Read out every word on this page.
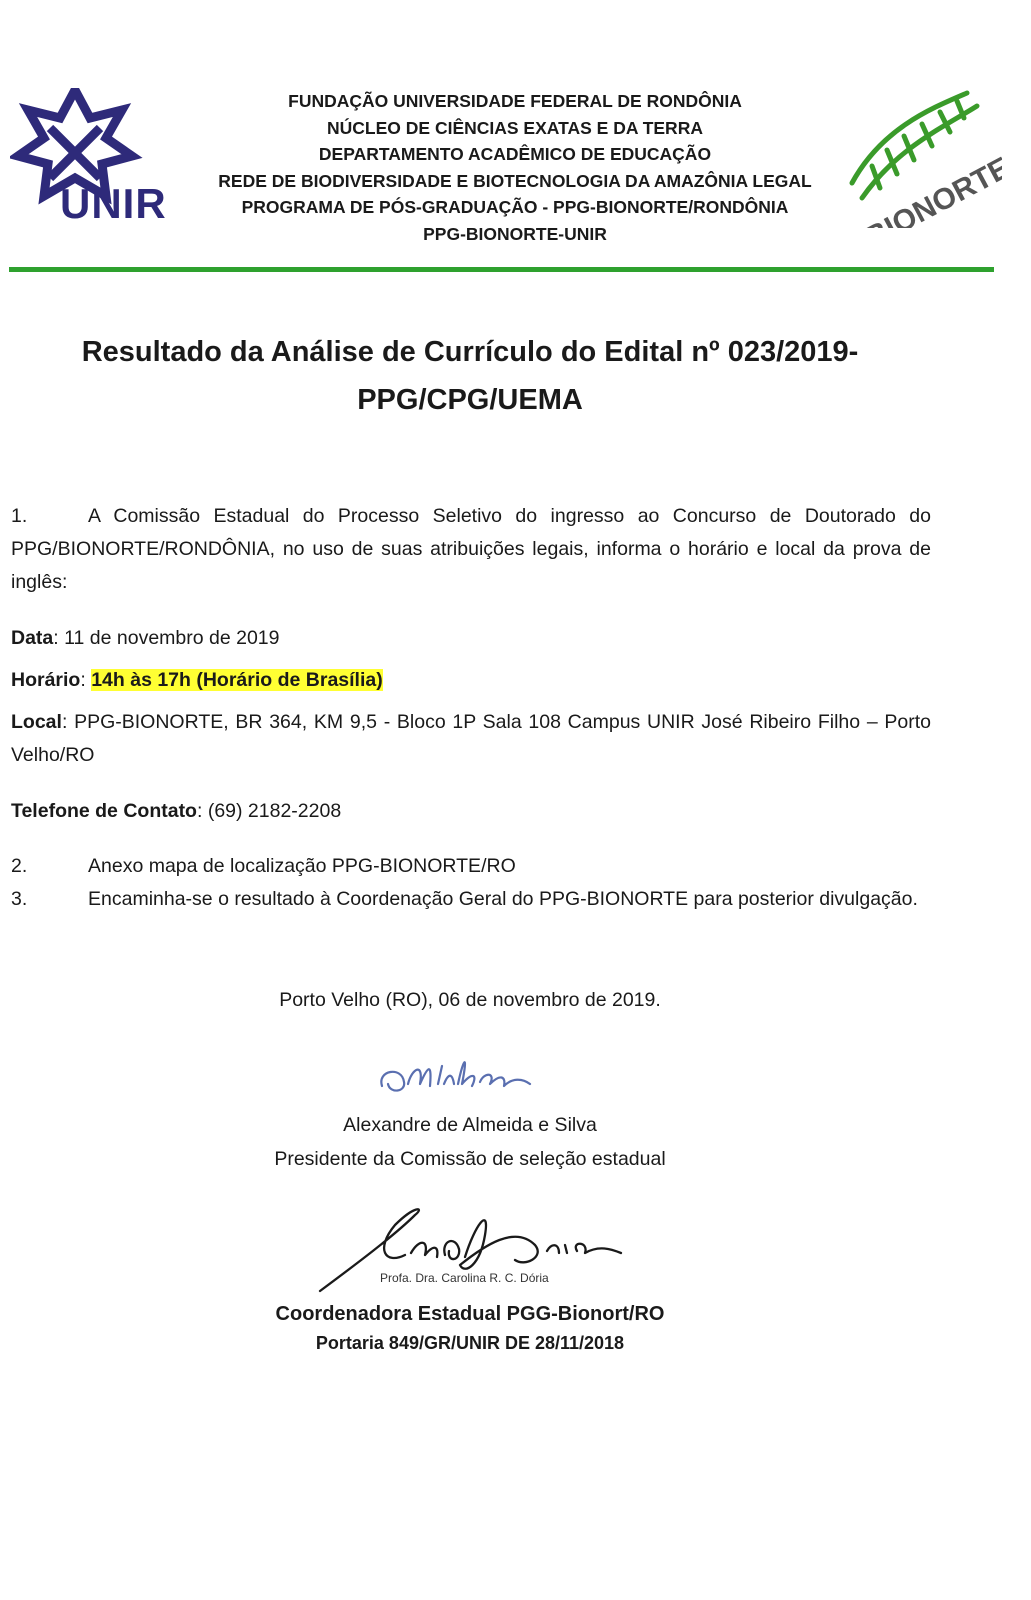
UNIR
FUNDAÇÃO UNIVERSIDADE FEDERAL DE RONDÔNIA
NÚCLEO DE CIÊNCIAS EXATAS E DA TERRA
DEPARTAMENTO ACADÊMICO DE EDUCAÇÃO
REDE DE BIODIVERSIDADE E BIOTECNOLOGIA DA AMAZÔNIA LEGAL
PROGRAMA DE PÓS-GRADUAÇÃO - PPG-BIONORTE/RONDÔNIA
PPG-BIONORTE-UNIR	BIONORTE
Resultado da Análise de Currículo do Edital nº 023/2019-
PPG/CPG/UEMA
1.	A Comissão Estadual do Processo Seletivo do ingresso ao Concurso de Doutorado do PPG/BIONORTE/RONDÔNIA, no uso de suas atribuições legais, informa o horário e local da prova de inglês:
Data: 11 de novembro de 2019
Horário: 14h às 17h (Horário de Brasília)
Local: PPG-BIONORTE, BR 364, KM 9,5 - Bloco 1P Sala 108 Campus UNIR José Ribeiro Filho – Porto Velho/RO
Telefone de Contato: (69) 2182-2208
2.	Anexo mapa de localização PPG-BIONORTE/RO
3.	Encaminha-se o resultado à Coordenação Geral do PPG-BIONORTE para posterior divulgação.
Porto Velho (RO), 06 de novembro de 2019.
Alexandre de Almeida e Silva
Presidente da Comissão de seleção estadual
Profa. Dra. Carolina R. C. Dória
Coordenadora Estadual PGG-Bionort/RO
Portaria 849/GR/UNIR DE 28/11/2018
